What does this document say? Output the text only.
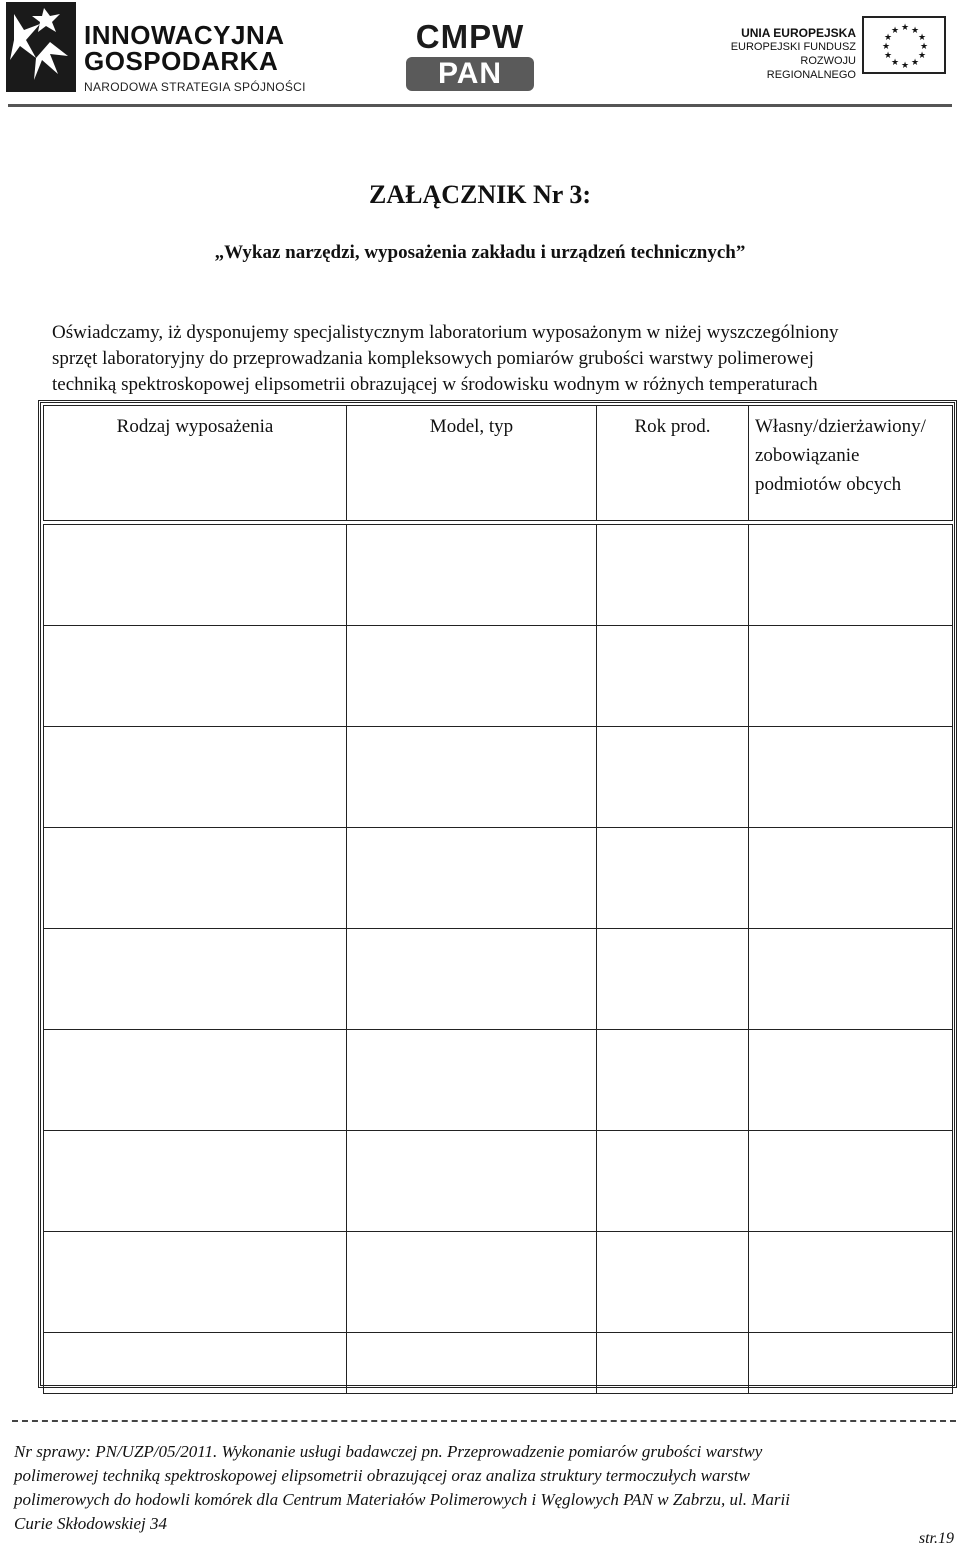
INNOWACYJNA
GOSPODARKA
NARODOWA STRATEGIA SPÓJNOŚCI
CMPW
PAN
UNIA EUROPEJSKA
EUROPEJSKI FUNDUSZ
ROZWOJU REGIONALNEGO
★ ★
★
★
★
★
★
★
★
★
★
★
ZAŁĄCZNIK Nr 3:
„Wykaz narzędzi, wyposażenia zakładu i urządzeń technicznych”
Oświadczamy, iż dysponujemy specjalistycznym laboratorium wyposażonym w niżej wyszczególniony
sprzęt laboratoryjny do przeprowadzania kompleksowych pomiarów grubości warstwy polimerowej
techniką spektroskopowej elipsometrii obrazującej w środowisku wodnym w różnych temperaturach
Rodzaj wyposażenia	Model, typ	Rok prod.	Własny/dzierżawiony/
zobowiązanie
podmiotów obcych

Nr sprawy: PN/UZP/05/2011. Wykonanie usługi badawczej pn. Przeprowadzenie pomiarów grubości warstwy
polimerowej techniką spektroskopowej elipsometrii obrazującej oraz analiza struktury termoczułych warstw
polimerowych do hodowli komórek dla Centrum Materiałów Polimerowych i Węglowych PAN w Zabrzu, ul. Marii
Curie Skłodowskiej 34
str.19
